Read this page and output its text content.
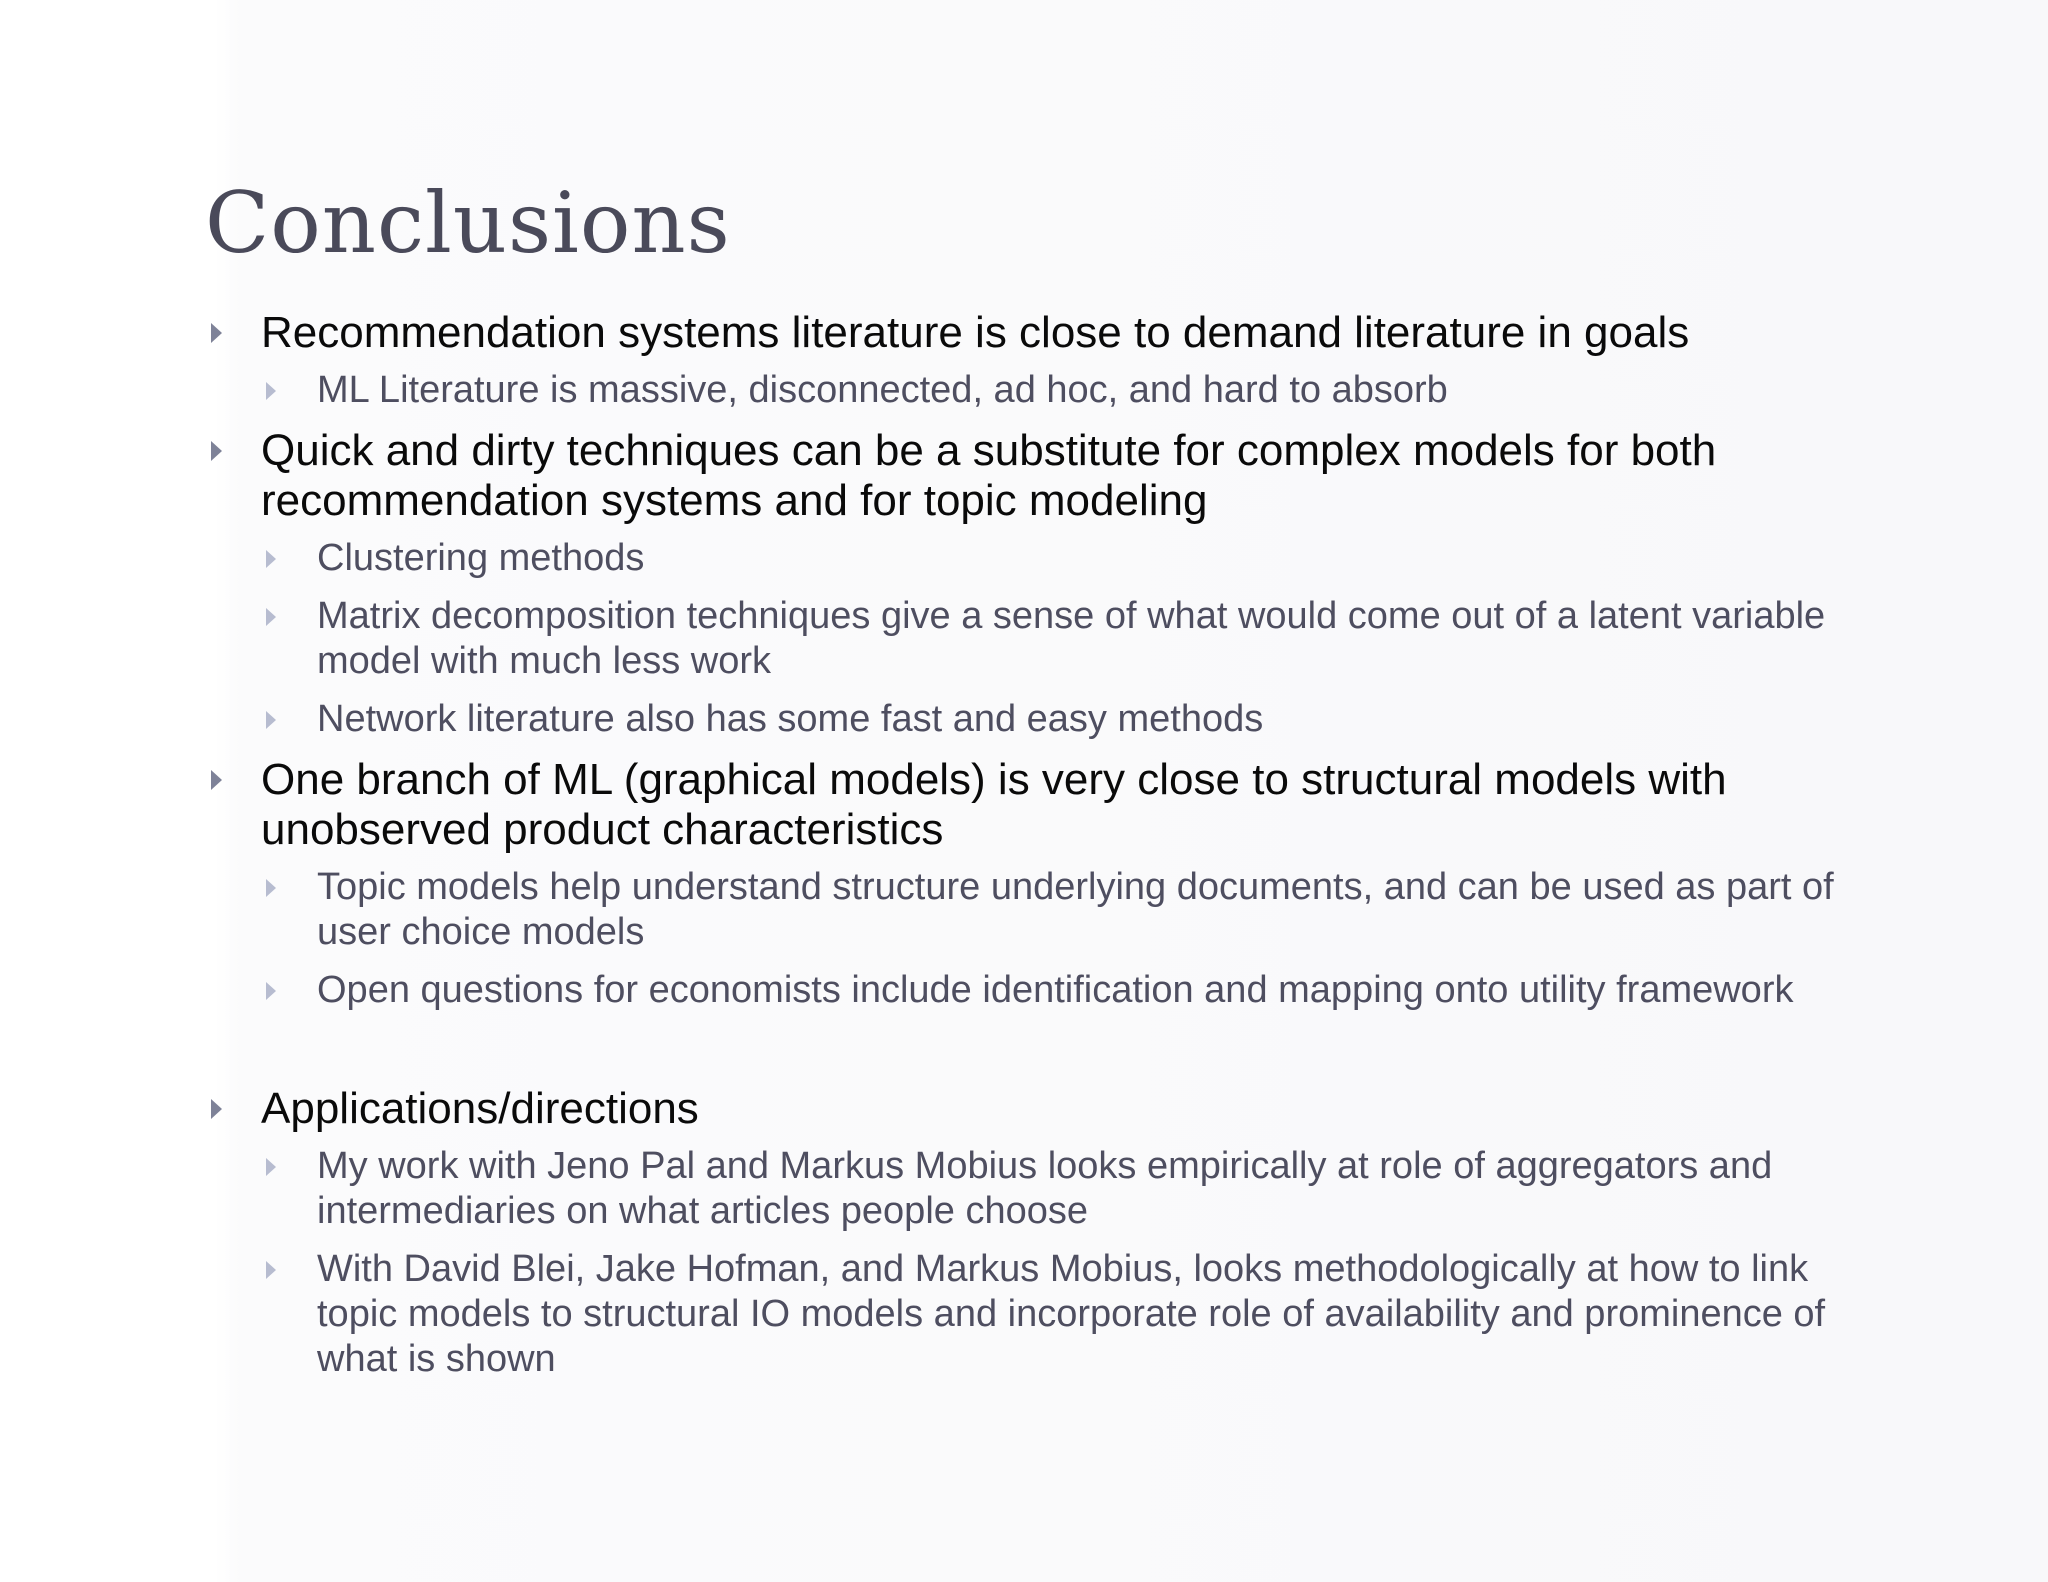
Conclusions
Recommendation systems literature is close to demand literature in goals
ML Literature is massive, disconnected, ad hoc, and hard to absorb
Quick and dirty techniques can be a substitute for complex models for both recommendation systems and for topic modeling
Clustering methods
Matrix decomposition techniques give a sense of what would come out of a latent variable model with much less work
Network literature also has some fast and easy methods
One branch of ML (graphical models) is very close to structural models with unobserved product characteristics
Topic models help understand structure underlying documents, and can be used as part of user choice models
Open questions for economists include identification and mapping onto utility framework
Applications/directions
My work with Jeno Pal and Markus Mobius looks empirically at role of aggregators and intermediaries on what articles people choose
With David Blei, Jake Hofman, and Markus Mobius, looks methodologically at how to link topic models to structural IO models and incorporate role of availability and prominence of what is shown
